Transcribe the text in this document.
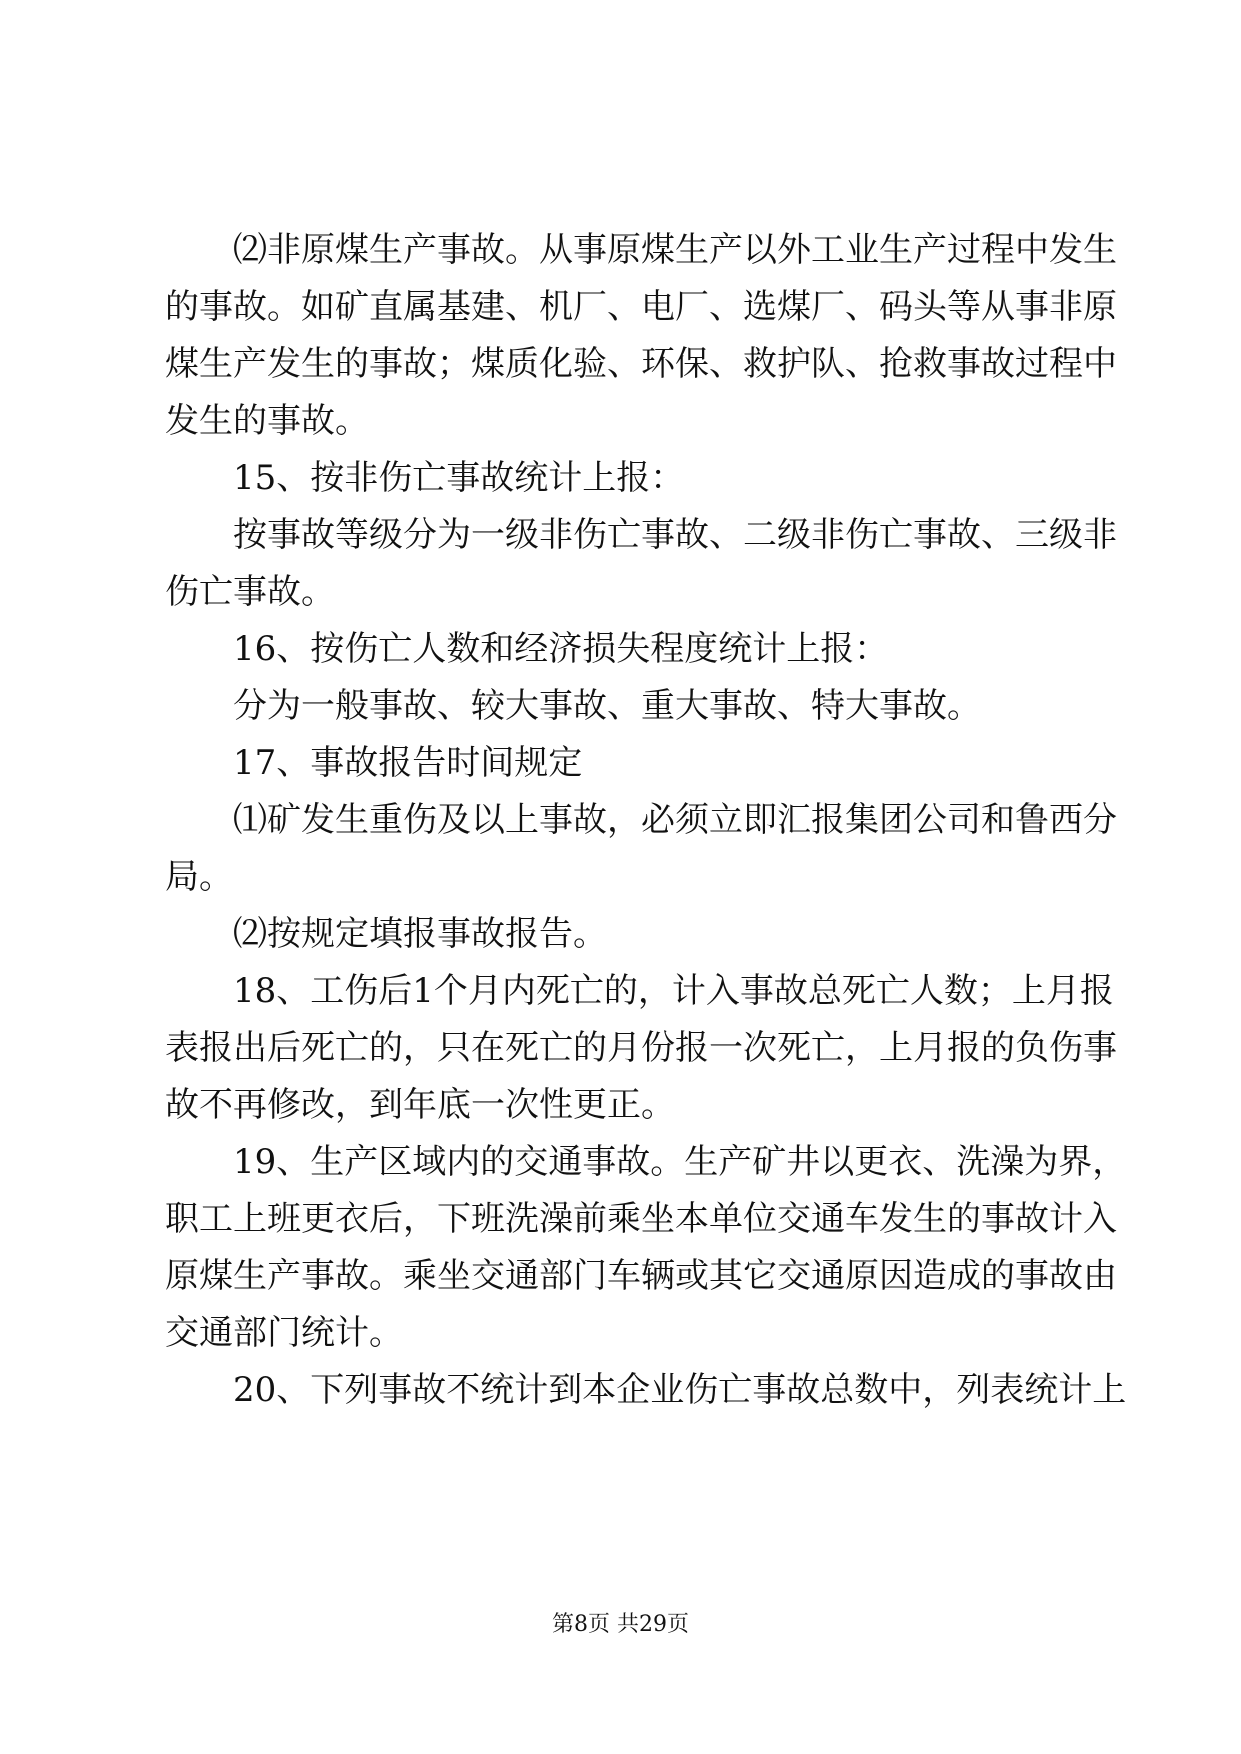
⑵非原煤生产事故。从事原煤生产以外工业生产过程中发生
的事故。如矿直属基建、机厂、电厂、选煤厂、码头等从事非原
煤生产发生的事故；煤质化验、环保、救护队、抢救事故过程中
发生的事故。
15、按非伤亡事故统计上报：
按事故等级分为一级非伤亡事故、二级非伤亡事故、三级非
伤亡事故。
16、按伤亡人数和经济损失程度统计上报：
分为一般事故、较大事故、重大事故、特大事故。
17、事故报告时间规定
⑴矿发生重伤及以上事故，必须立即汇报集团公司和鲁西分
局。
⑵按规定填报事故报告。
18、工伤后1个月内死亡的，计入事故总死亡人数；上月报
表报出后死亡的，只在死亡的月份报一次死亡，上月报的负伤事
故不再修改，到年底一次性更正。
19、生产区域内的交通事故。生产矿井以更衣、洗澡为界，
职工上班更衣后，下班洗澡前乘坐本单位交通车发生的事故计入
原煤生产事故。乘坐交通部门车辆或其它交通原因造成的事故由
交通部门统计。
20、下列事故不统计到本企业伤亡事故总数中，列表统计上
第8页 共29页
